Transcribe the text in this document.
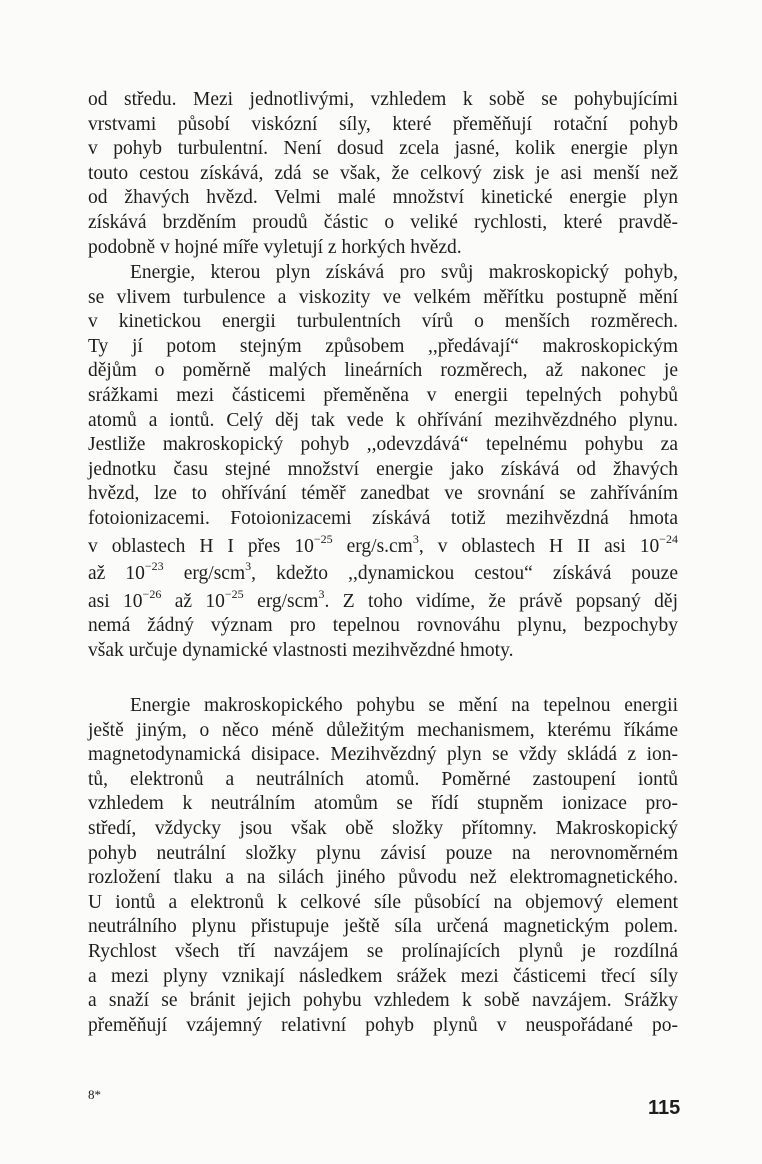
od středu. Mezi jednotlivými, vzhledem k sobě se pohybujícími
vrstvami působí viskózní síly, které přeměňují rotační pohyb
v pohyb turbulentní. Není dosud zcela jasné, kolik energie plyn
touto cestou získává, zdá se však, že celkový zisk je asi menší než
od žhavých hvězd. Velmi malé množství kinetické energie plyn
získává brzděním proudů částic o veliké rychlosti, které pravdě-
podobně v hojné míře vyletují z horkých hvězd.
Energie, kterou plyn získává pro svůj makroskopický pohyb,
se vlivem turbulence a viskozity ve velkém měřítku postupně mění
v kinetickou energii turbulentních vírů o menších rozměrech.
Ty jí potom stejným způsobem ,,předávají“ makroskopickým
dějům o poměrně malých lineárních rozměrech, až nakonec je
srážkami mezi částicemi přeměněna v energii tepelných pohybů
atomů a iontů. Celý děj tak vede k ohřívání mezihvězdného plynu.
Jestliže makroskopický pohyb ,,odevzdává“ tepelnému pohybu za
jednotku času stejné množství energie jako získává od žhavých
hvězd, lze to ohřívání téměř zanedbat ve srovnání se zahříváním
fotoionizacemi. Fotoionizacemi získává totiž mezihvězdná hmota
v oblastech H I přes $10^{-25}$ erg/$s.cm^3$, v oblastech H II asi $10^{-24}$
až $10^{-23}$ erg/scm$^3$, kdežto ,,dynamickou cestou“ získává pouze
asi $10^{-26}$ až $10^{-25}$ erg/scm$^3$. Z toho vidíme, že právě popsaný děj
nemá žádný význam pro tepelnou rovnováhu plynu, bezpochyby
však určuje dynamické vlastnosti mezihvězdné hmoty.
Energie makroskopického pohybu se mění na tepelnou energii
ještě jiným, o něco méně důležitým mechanismem, kterému říkáme
magnetodynamická disipace. Mezihvězdný plyn se vždy skládá z ion-
tů, elektronů a neutrálních atomů. Poměrné zastoupení iontů
vzhledem k neutrálním atomům se řídí stupněm ionizace pro-
středí, vždycky jsou však obě složky přítomny. Makroskopický
pohyb neutrální složky plynu závisí pouze na nerovnoměrném
rozložení tlaku a na silách jiného původu než elektromagnetického.
U iontů a elektronů k celkové síle působící na objemový element
neutrálního plynu přistupuje ještě síla určená magnetickým polem.
Rychlost všech tří navzájem se prolínajících plynů je rozdílná
a mezi plyny vznikají následkem srážek mezi částicemi třecí síly
a snaží se bránit jejich pohybu vzhledem k sobě navzájem. Srážky
přeměňují vzájemný relativní pohyb plynů v neuspořádané po-
8*
115
